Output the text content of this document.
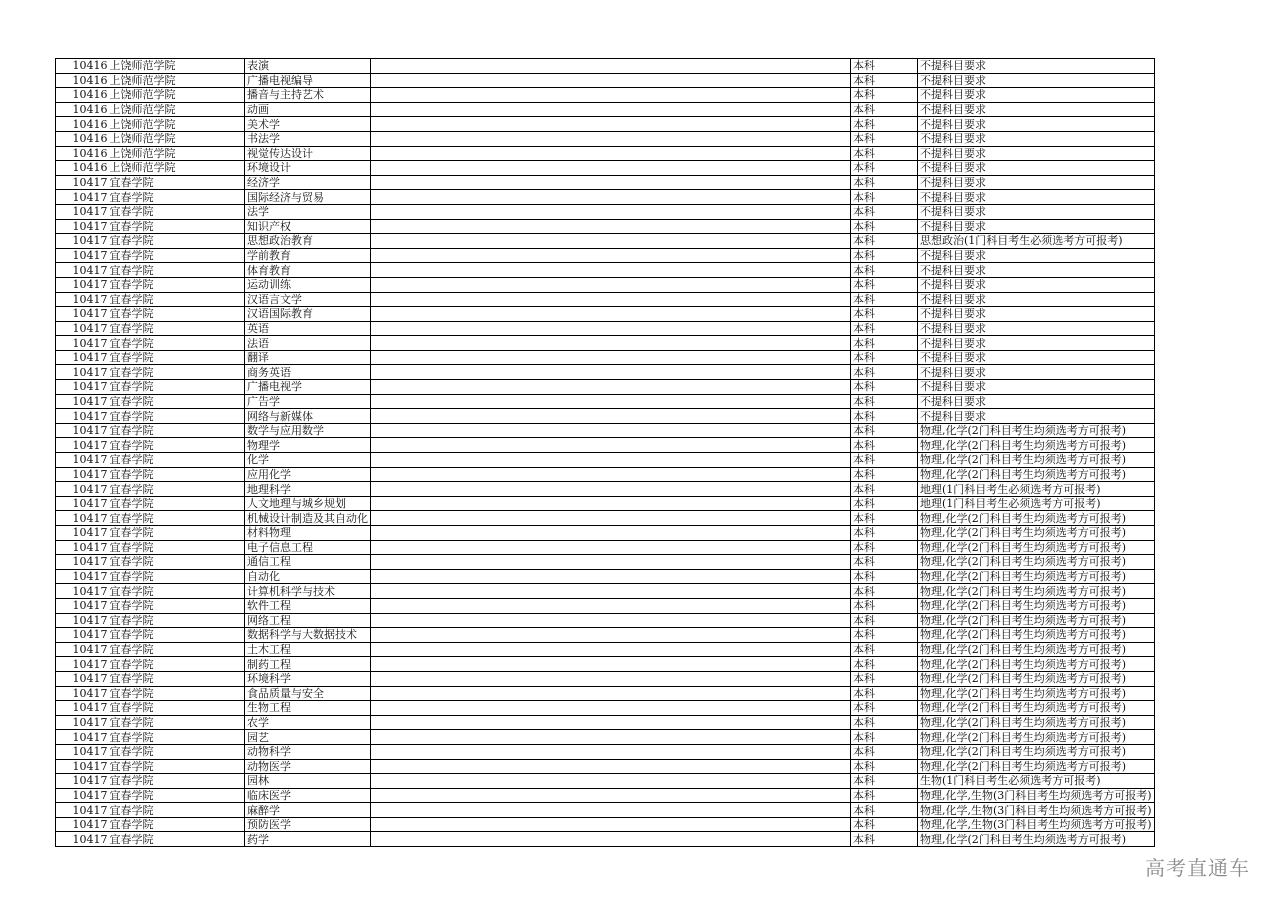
10416	上饶师范学院	表演		本科	不提科目要求
10416	上饶师范学院	广播电视编导		本科	不提科目要求
10416	上饶师范学院	播音与主持艺术		本科	不提科目要求
10416	上饶师范学院	动画		本科	不提科目要求
10416	上饶师范学院	美术学		本科	不提科目要求
10416	上饶师范学院	书法学		本科	不提科目要求
10416	上饶师范学院	视觉传达设计		本科	不提科目要求
10416	上饶师范学院	环境设计		本科	不提科目要求
10417	宜春学院	经济学		本科	不提科目要求
10417	宜春学院	国际经济与贸易		本科	不提科目要求
10417	宜春学院	法学		本科	不提科目要求
10417	宜春学院	知识产权		本科	不提科目要求
10417	宜春学院	思想政治教育		本科	思想政治(1门科目考生必须选考方可报考)
10417	宜春学院	学前教育		本科	不提科目要求
10417	宜春学院	体育教育		本科	不提科目要求
10417	宜春学院	运动训练		本科	不提科目要求
10417	宜春学院	汉语言文学		本科	不提科目要求
10417	宜春学院	汉语国际教育		本科	不提科目要求
10417	宜春学院	英语		本科	不提科目要求
10417	宜春学院	法语		本科	不提科目要求
10417	宜春学院	翻译		本科	不提科目要求
10417	宜春学院	商务英语		本科	不提科目要求
10417	宜春学院	广播电视学		本科	不提科目要求
10417	宜春学院	广告学		本科	不提科目要求
10417	宜春学院	网络与新媒体		本科	不提科目要求
10417	宜春学院	数学与应用数学		本科	物理,化学(2门科目考生均须选考方可报考)
10417	宜春学院	物理学		本科	物理,化学(2门科目考生均须选考方可报考)
10417	宜春学院	化学		本科	物理,化学(2门科目考生均须选考方可报考)
10417	宜春学院	应用化学		本科	物理,化学(2门科目考生均须选考方可报考)
10417	宜春学院	地理科学		本科	地理(1门科目考生必须选考方可报考)
10417	宜春学院	人文地理与城乡规划		本科	地理(1门科目考生必须选考方可报考)
10417	宜春学院	机械设计制造及其自动化		本科	物理,化学(2门科目考生均须选考方可报考)
10417	宜春学院	材料物理		本科	物理,化学(2门科目考生均须选考方可报考)
10417	宜春学院	电子信息工程		本科	物理,化学(2门科目考生均须选考方可报考)
10417	宜春学院	通信工程		本科	物理,化学(2门科目考生均须选考方可报考)
10417	宜春学院	自动化		本科	物理,化学(2门科目考生均须选考方可报考)
10417	宜春学院	计算机科学与技术		本科	物理,化学(2门科目考生均须选考方可报考)
10417	宜春学院	软件工程		本科	物理,化学(2门科目考生均须选考方可报考)
10417	宜春学院	网络工程		本科	物理,化学(2门科目考生均须选考方可报考)
10417	宜春学院	数据科学与大数据技术		本科	物理,化学(2门科目考生均须选考方可报考)
10417	宜春学院	土木工程		本科	物理,化学(2门科目考生均须选考方可报考)
10417	宜春学院	制药工程		本科	物理,化学(2门科目考生均须选考方可报考)
10417	宜春学院	环境科学		本科	物理,化学(2门科目考生均须选考方可报考)
10417	宜春学院	食品质量与安全		本科	物理,化学(2门科目考生均须选考方可报考)
10417	宜春学院	生物工程		本科	物理,化学(2门科目考生均须选考方可报考)
10417	宜春学院	农学		本科	物理,化学(2门科目考生均须选考方可报考)
10417	宜春学院	园艺		本科	物理,化学(2门科目考生均须选考方可报考)
10417	宜春学院	动物科学		本科	物理,化学(2门科目考生均须选考方可报考)
10417	宜春学院	动物医学		本科	物理,化学(2门科目考生均须选考方可报考)
10417	宜春学院	园林		本科	生物(1门科目考生必须选考方可报考)
10417	宜春学院	临床医学		本科	物理,化学,生物(3门科目考生均须选考方可报考)
10417	宜春学院	麻醉学		本科	物理,化学,生物(3门科目考生均须选考方可报考)
10417	宜春学院	预防医学		本科	物理,化学,生物(3门科目考生均须选考方可报考)
10417	宜春学院	药学		本科	物理,化学(2门科目考生均须选考方可报考)
高考直通车
